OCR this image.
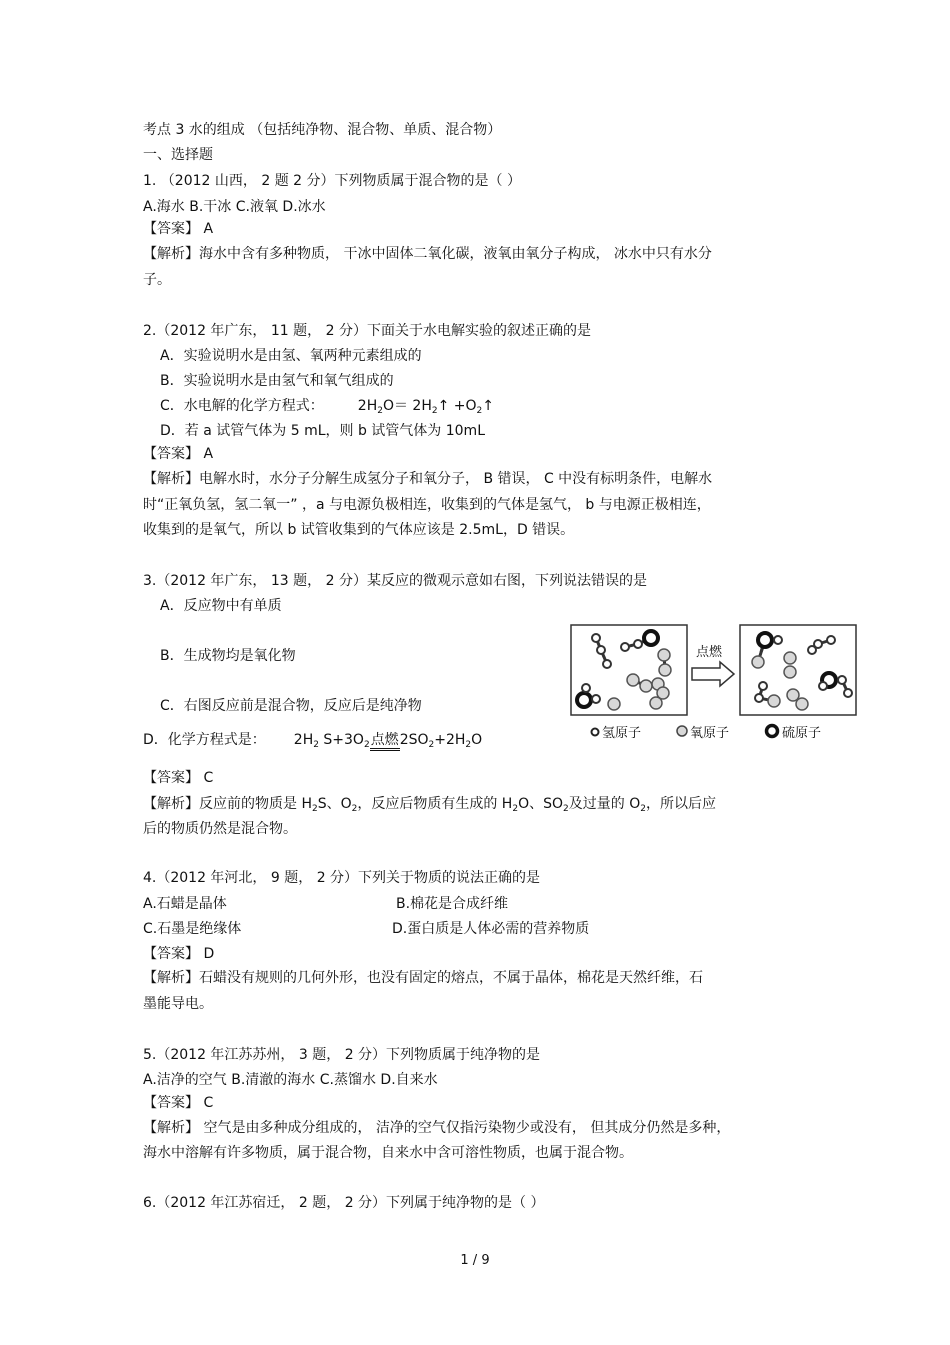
考点 3 水的组成 （包括纯净物、混合物、单质、混合物）
一、选择题
1. （2012 山西， 2 题 2 分）下列物质属于混合物的是（ ）
A.海水 B.干冰 C.液氧 D.冰水
【答案】 A
【解析】海水中含有多种物质， 干冰中固体二氧化碳，液氧由氧分子构成， 冰水中只有水分
子。
2.（2012 年广东， 11 题， 2 分）下面关于水电解实验的叙述正确的是
A．实验说明水是由氢、氧两种元素组成的
B．实验说明水是由氢气和氧气组成的
C．水电解的化学方程式： $2H_2O=$ $2H_2↑$ $+O_2↑$
D．若 a 试管气体为 5 mL，则 b 试管气体为 10mL
【答案】 A
【解析】电解水时，水分子分解生成氢分子和氧分子， B 错误， C 中没有标明条件，电解水
时“正氧负氢，氢二氧一” ，a 与电源负极相连，收集到的气体是氢气， b 与电源正极相连，
收集到的是氧气，所以 b 试管收集到的气体应该是 2.5mL，D 错误。
3.（2012 年广东， 13 题， 2 分）某反应的微观示意如右图，下列说法错误的是
A．反应物中有单质
B．生成物均是氧化物
C．右图反应前是混合物，反应后是纯净物
D．化学方程式是： $2H_2$ $S+3O_2$点燃$2SO_2+2H_2O$
【答案】 C
【解析】反应前的物质是 $H_2S$、$O_2$，反应后物质有生成的 $H_2O$、$SO_2$及过量的 $O_2$，所以后应
后的物质仍然是混合物。
点燃
氢原子	氧原子	硫原子
4.（2012 年河北， 9 题， 2 分）下列关于物质的说法正确的是
A.石蜡是晶体	B.棉花是合成纤维
C.石墨是绝缘体	D.蛋白质是人体必需的营养物质
【答案】 D
【解析】石蜡没有规则的几何外形，也没有固定的熔点，不属于晶体，棉花是天然纤维，石
墨能导电。
5.（2012 年江苏苏州， 3 题， 2 分）下列物质属于纯净物的是
A.洁净的空气 B.清澈的海水 C.蒸馏水 D.自来水
【答案】 C
【解析】 空气是由多种成分组成的， 洁净的空气仅指污染物少或没有， 但其成分仍然是多种，
海水中溶解有许多物质，属于混合物，自来水中含可溶性物质，也属于混合物。
6.（2012 年江苏宿迁， 2 题， 2 分）下列属于纯净物的是（ ）
1 / 9
